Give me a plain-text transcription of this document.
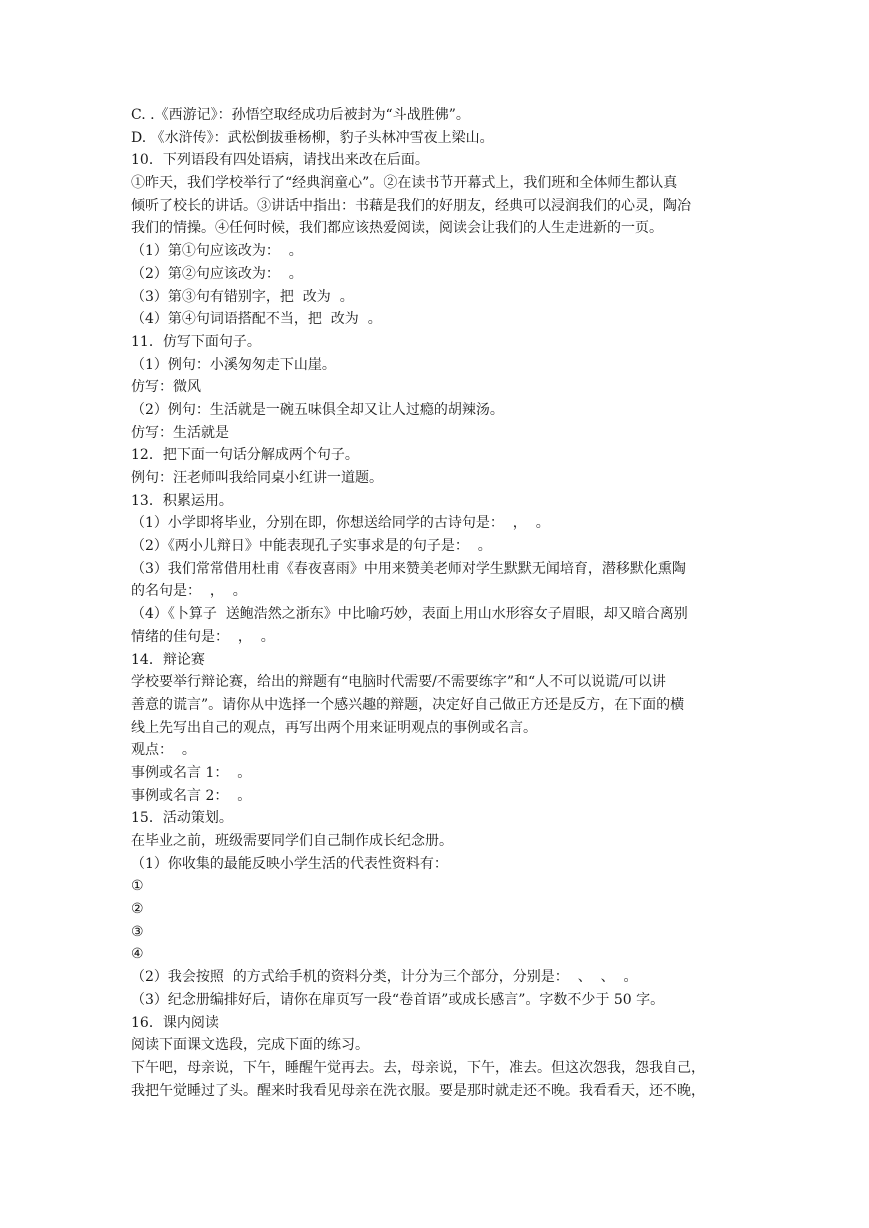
C. .《西游记》：孙悟空取经成功后被封为“斗战胜佛”。
D. 《水浒传》：武松倒拔垂杨柳，豹子头林冲雪夜上梁山。
10．下列语段有四处语病，请找出来改在后面。
①昨天，我们学校举行了“经典润童心”。②在读书节开幕式上，我们班和全体师生都认真
倾听了校长的讲话。③讲话中指出：书藉是我们的好朋友，经典可以浸润我们的心灵，陶冶
我们的情操。④任何时候，我们都应该热爱阅读，阅读会让我们的人生走进新的一页。
（1）第①句应该改为：  。
（2）第②句应该改为：  。
（3）第③句有错别字，把  改为  。
（4）第④句词语搭配不当，把  改为  。
11．仿写下面句子。
（1）例句：小溪匆匆走下山崖。
仿写：微风
（2）例句：生活就是一碗五味俱全却又让人过瘾的胡辣汤。
仿写：生活就是
12．把下面一句话分解成两个句子。
例句：汪老师叫我给同桌小红讲一道题。
13．积累运用。
（1）小学即将毕业，分别在即，你想送给同学的古诗句是：  ，  。
（2）《两小儿辩日》中能表现孔子实事求是的句子是：  。
（3）我们常常借用杜甫《春夜喜雨》中用来赞美老师对学生默默无闻培育，潜移默化熏陶
的名句是：  ，  。
（4）《卜算子  送鲍浩然之浙东》中比喻巧妙，表面上用山水形容女子眉眼，却又暗合离别
情绪的佳句是：  ，  。
14．辩论赛
学校要举行辩论赛，给出的辩题有“电脑时代需要/不需要练字”和“人不可以说谎/可以讲
善意的谎言”。请你从中选择一个感兴趣的辩题，决定好自己做正方还是反方，在下面的横
线上先写出自己的观点，再写出两个用来证明观点的事例或名言。
观点：  。
事例或名言 1：  。
事例或名言 2：  。
15．活动策划。
在毕业之前，班级需要同学们自己制作成长纪念册。
（1）你收集的最能反映小学生活的代表性资料有：
①
②
③
④
（2）我会按照  的方式给手机的资料分类，计分为三个部分，分别是：  、  、  。
（3）纪念册编排好后，请你在扉页写一段“卷首语”或成长感言”。字数不少于 50 字。
16．课内阅读
阅读下面课文选段，完成下面的练习。
下午吧，母亲说，下午，睡醒午觉再去。去，母亲说，下午，准去。但这次怨我，怨我自己，
我把午觉睡过了头。醒来时我看见母亲在洗衣服。要是那时就走还不晚。我看看天，还不晚，
